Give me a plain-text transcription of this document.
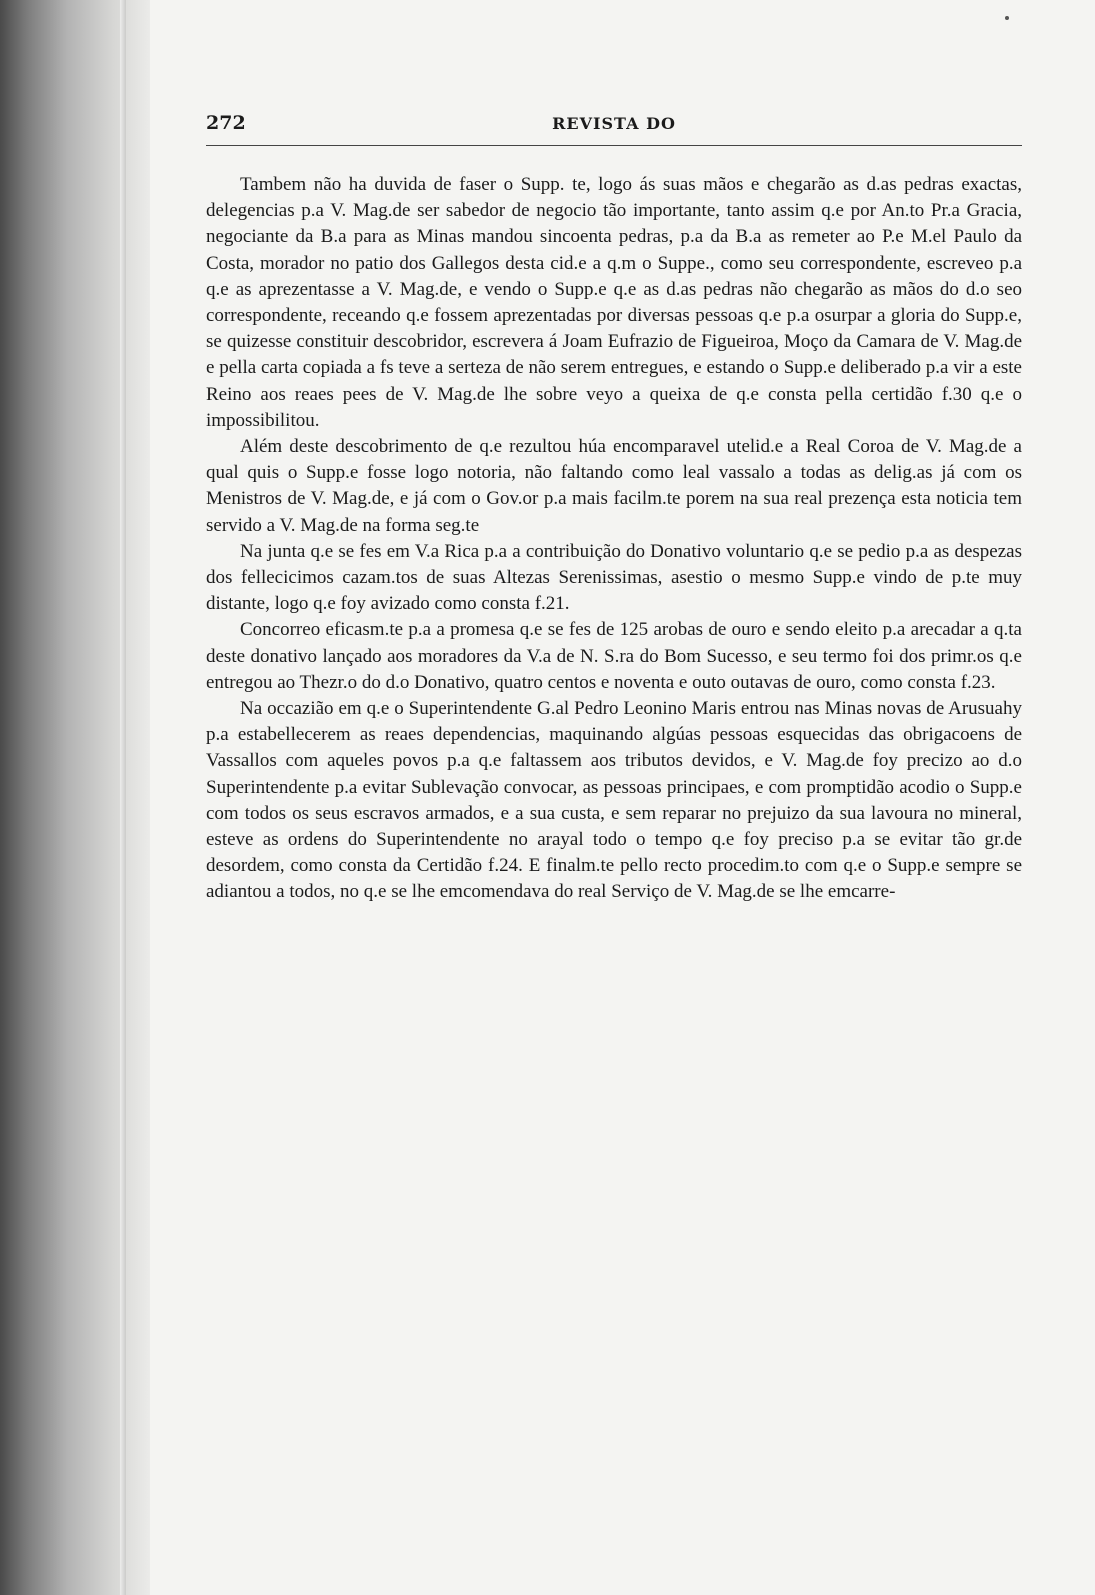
272	REVISTA DO

Tambem não ha duvida de faser o Supp. te, logo ás suas mãos e chegarão as d.as pedras exactas, delegencias p.a V. Mag.de ser sabedor de negocio tão importante, tanto assim q.e por An.to Pr.a Gracia, negociante da B.a para as Minas mandou sincoenta pedras, p.a da B.a as remeter ao P.e M.el Paulo da Costa, morador no patio dos Gallegos desta cid.e a q.m o Suppe., como seu correspondente, escreveo p.a q.e as aprezentasse a V. Mag.de, e vendo o Supp.e q.e as d.as pedras não chegarão as mãos do d.o seo correspondente, receando q.e fossem aprezentadas por diversas pessoas q.e p.a osurpar a gloria do Supp.e, se quizesse constituir descobridor, escrevera á Joam Eufrazio de Figueiroa, Moço da Camara de V. Mag.de e pella carta copiada a fs teve a serteza de não serem entregues, e estando o Supp.e deliberado p.a vir a este Reino aos reaes pees de V. Mag.de lhe sobre veyo a queixa de q.e consta pella certidão f.30 q.e o impossibilitou.

Além deste descobrimento de q.e rezultou húa encomparavel utelid.e a Real Coroa de V. Mag.de a qual quis o Supp.e fosse logo notoria, não faltando como leal vassalo a todas as delig.as já com os Menistros de V. Mag.de, e já com o Gov.or p.a mais facilm.te porem na sua real prezença esta noticia tem servido a V. Mag.de na forma seg.te

Na junta q.e se fes em V.a Rica p.a a contribuição do Donativo voluntario q.e se pedio p.a as despezas dos fellecicimos cazam.tos de suas Altezas Serenissimas, asestio o mesmo Supp.e vindo de p.te muy distante, logo q.e foy avizado como consta f.21.

Concorreo eficasm.te p.a a promesa q.e se fes de 125 arobas de ouro e sendo eleito p.a arecadar a q.ta deste donativo lançado aos moradores da V.a de N. S.ra do Bom Sucesso, e seu termo foi dos primr.os q.e entregou ao Thezr.o do d.o Donativo, quatro centos e noventa e outo outavas de ouro, como consta f.23.

Na occazião em q.e o Superintendente G.al Pedro Leonino Maris entrou nas Minas novas de Arusuahy p.a estabellecerem as reaes dependencias, maquinando algúas pessoas esquecidas das obrigacoens de Vassallos com aqueles povos p.a q.e faltassem aos tributos devidos, e V. Mag.de foy precizo ao d.o Superintendente p.a evitar Sublevação convocar, as pessoas principaes, e com promptidão acodio o Supp.e com todos os seus escravos armados, e a sua custa, e sem reparar no prejuizo da sua lavoura no mineral, esteve as ordens do Superintendente no arayal todo o tempo q.e foy preciso p.a se evitar tão gr.de desordem, como consta da Certidão f.24. E finalm.te pello recto procedim.to com q.e o Supp.e sempre se adiantou a todos, no q.e se lhe emcomendava do real Serviço de V. Mag.de se lhe emcarre-
